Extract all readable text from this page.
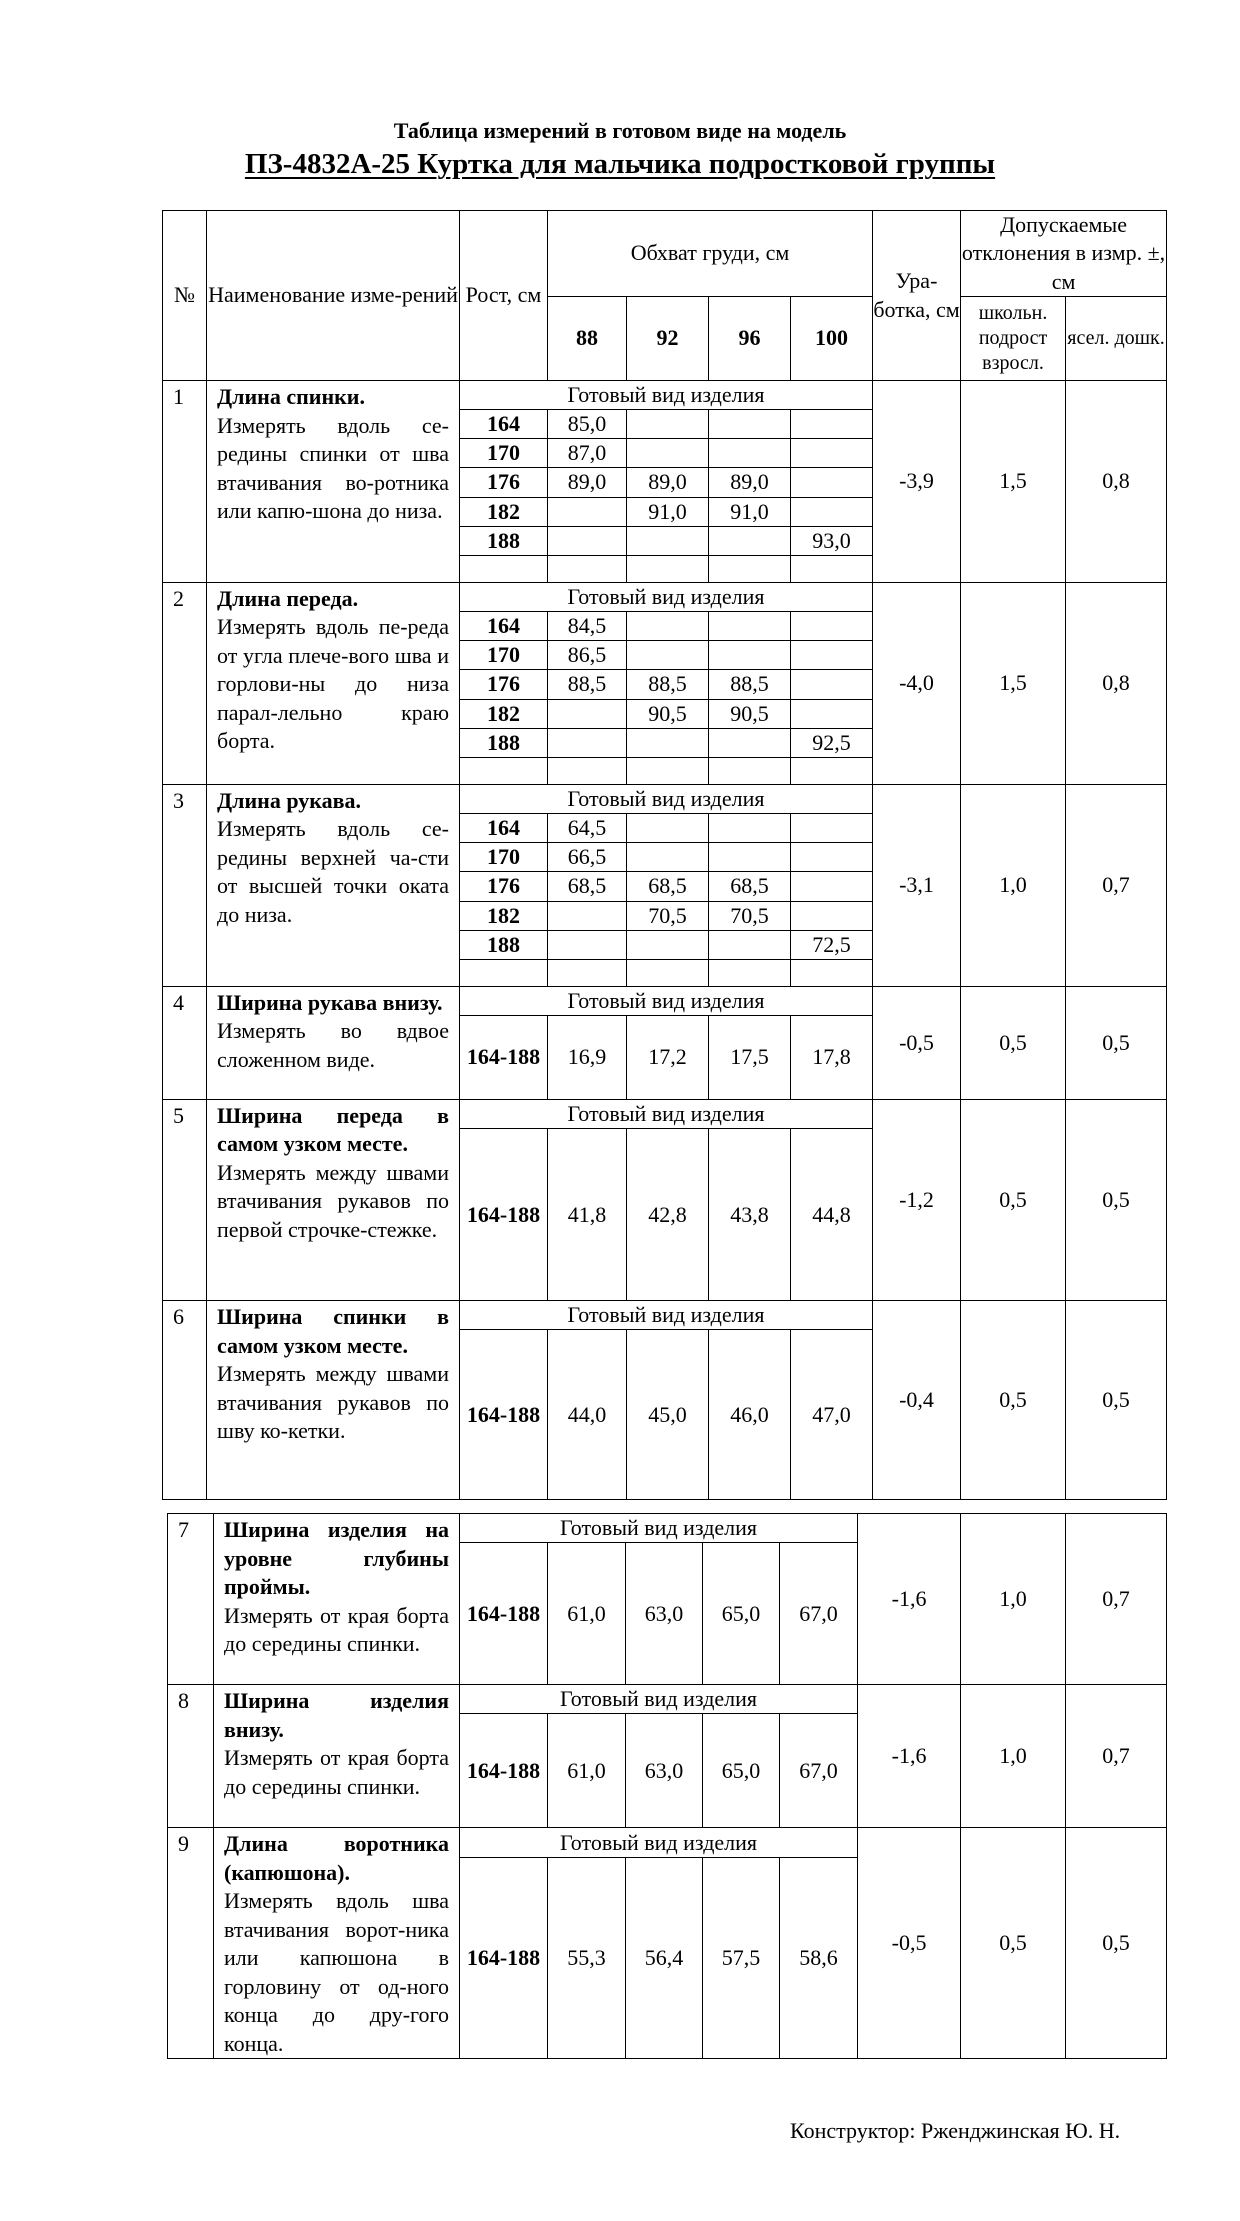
Таблица измерений в готовом виде на модель
ПЗ-4832А-25 Куртка для мальчика подростковой группы
№	Наименование изме-рений	Рост, см	Обхват груди, см				Ура-ботка, см	Допускаемые отклонения в измр. ±, см	
			88	92	96	100		школьн. подрост взросл.	ясел. дошк.
1	Длина спинки.
Измерять вдоль се-редины спинки от шва втачивания во-ротника или капю-шона до низа.	Готовый вид изделия					-3,9	1,5	0,8
		164	85,0						
		170	87,0						
		176	89,0	89,0	89,0				
		182		91,0	91,0				
		188				93,0			

2	Длина переда.
Измерять вдоль пе-реда от угла плече-вого шва и горлови-ны до низа парал-лельно краю борта.	Готовый вид изделия					-4,0	1,5	0,8
		164	84,5						
		170	86,5						
		176	88,5	88,5	88,5				
		182		90,5	90,5				
		188				92,5			

3	Длина рукава.
Измерять вдоль се-редины верхней ча-сти от высшей точки оката до низа.	Готовый вид изделия					-3,1	1,0	0,7
		164	64,5						
		170	66,5						
		176	68,5	68,5	68,5				
		182		70,5	70,5				
		188				72,5			

4	Ширина рукава внизу.
Измерять во вдвое сложенном виде.	Готовый вид изделия					-0,5	0,5	0,5
		164-188	16,9	17,2	17,5	17,8			
5	Ширина переда в самом узком месте.
Измерять между швами втачивания рукавов по первой строчке-стежке.	Готовый вид изделия					-1,2	0,5	0,5
		164-188	41,8	42,8	43,8	44,8			
6	Ширина спинки в самом узком месте.
Измерять между швами втачивания рукавов по шву ко-кетки.	Готовый вид изделия					-0,4	0,5	0,5
		164-188	44,0	45,0	46,0	47,0			
7	Ширина изделия на уровне глубины проймы.
Измерять от края борта до середины спинки.	Готовый вид изделия					-1,6	1,0	0,7
		164-188	61,0	63,0	65,0	67,0			
8	Ширина изделия внизу.
Измерять от края борта до середины спинки.	Готовый вид изделия					-1,6	1,0	0,7
		164-188	61,0	63,0	65,0	67,0			
9	Длина воротника (капюшона).
Измерять вдоль шва втачивания ворот-ника или капюшона в горловину от од-ного конца до дру-гого конца.	Готовый вид изделия					-0,5	0,5	0,5
		164-188	55,3	56,4	57,5	58,6			
Конструктор: Рженджинская Ю. Н.
